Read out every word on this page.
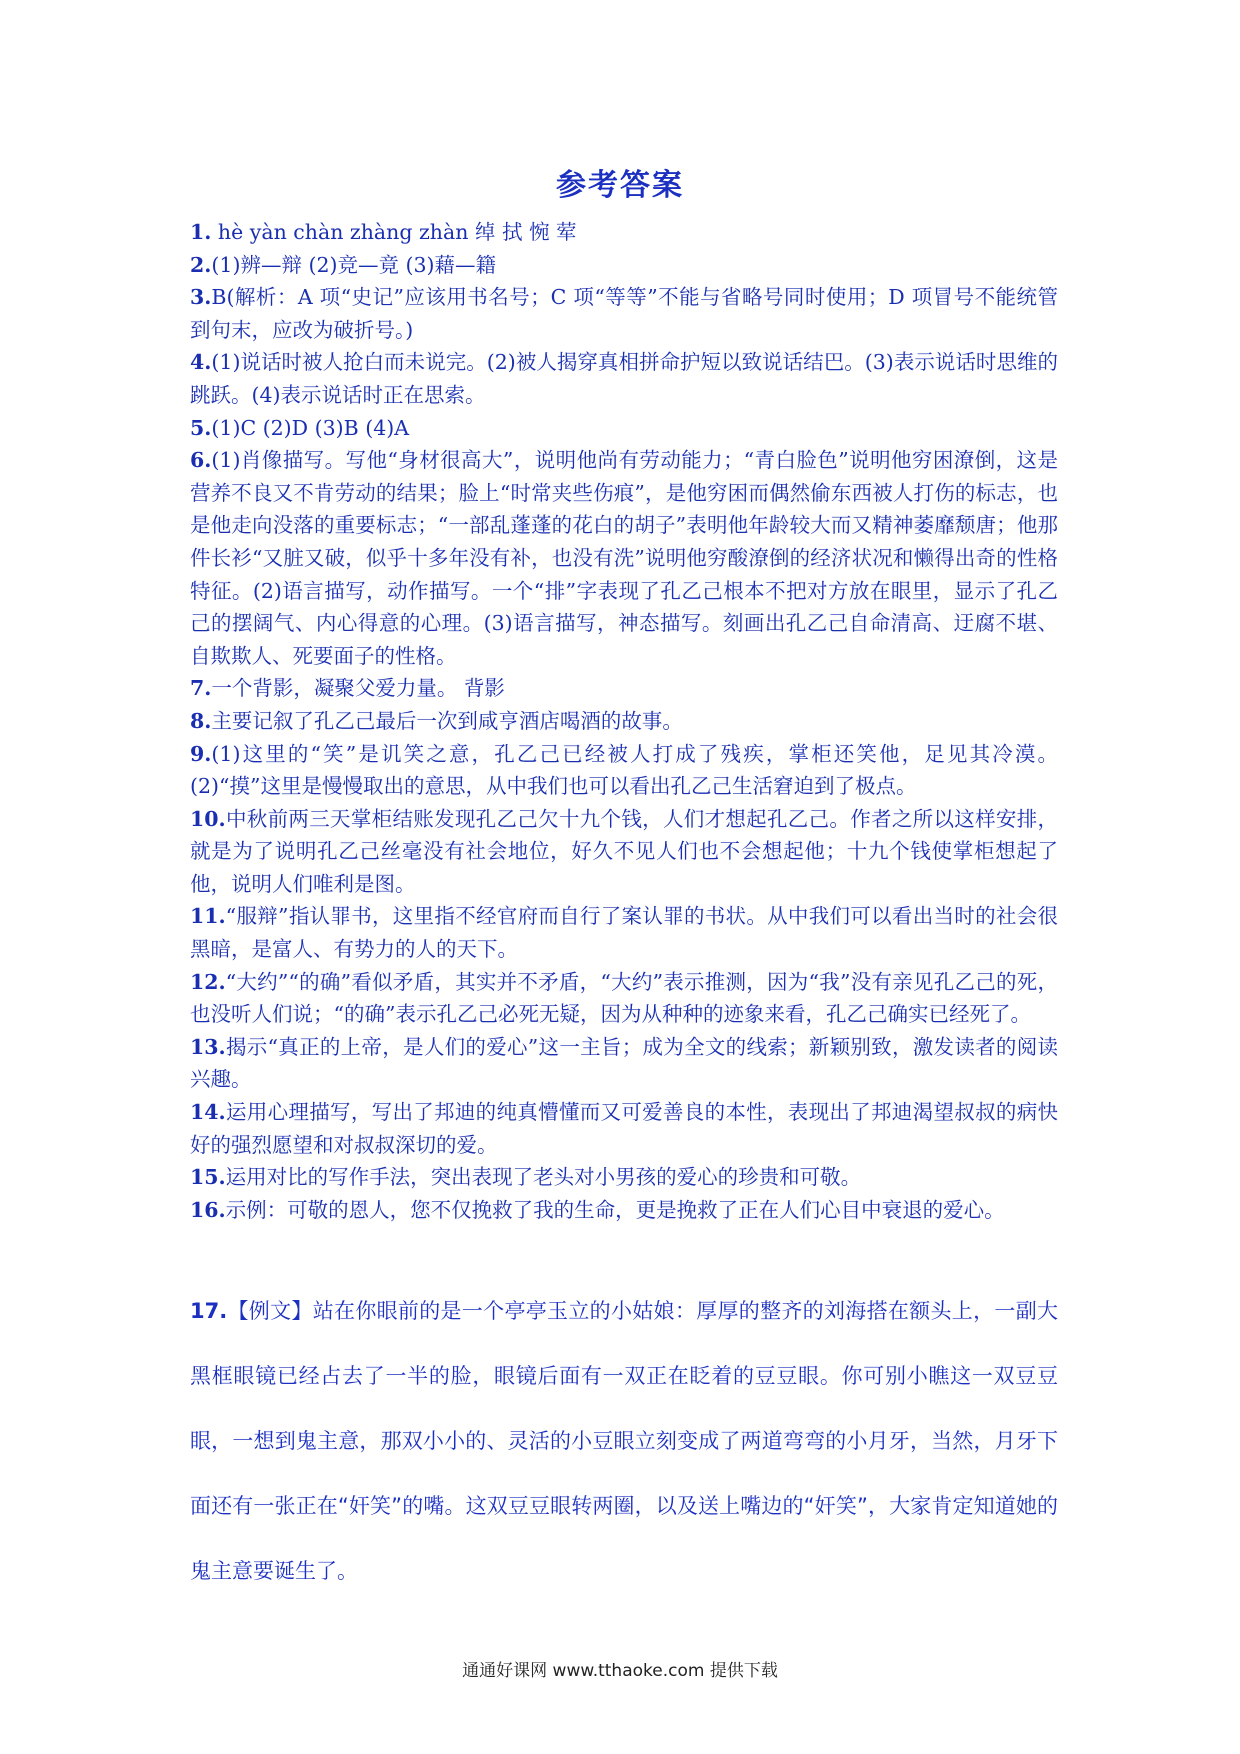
参考答案

1. hè yàn chàn zhàng zhàn 绰 拭 惋 荤

2.(1)辨—辩 (2)竞—竟 (3)藉—籍

3.B(解析：A 项“史记”应该用书名号；C 项“等等”不能与省略号同时使用；D 项冒号不能统管到句末，应改为破折号。)

4.(1)说话时被人抢白而未说完。(2)被人揭穿真相拼命护短以致说话结巴。(3)表示说话时思维的跳跃。(4)表示说话时正在思索。

5.(1)C (2)D (3)B (4)A

6.(1)肖像描写。写他“身材很高大”，说明他尚有劳动能力；“青白脸色”说明他穷困潦倒，这是营养不良又不肯劳动的结果；脸上“时常夹些伤痕”，是他穷困而偶然偷东西被人打伤的标志，也是他走向没落的重要标志；“一部乱蓬蓬的花白的胡子”表明他年龄较大而又精神萎靡颓唐；他那件长衫“又脏又破，似乎十多年没有补，也没有洗”说明他穷酸潦倒的经济状况和懒得出奇的性格特征。(2)语言描写，动作描写。一个“排”字表现了孔乙己根本不把对方放在眼里，显示了孔乙己的摆阔气、内心得意的心理。(3)语言描写，神态描写。刻画出孔乙己自命清高、迂腐不堪、自欺欺人、死要面子的性格。

7.一个背影，凝聚父爱力量。 背影

8.主要记叙了孔乙己最后一次到咸亨酒店喝酒的故事。

9.(1)这里的“笑”是讥笑之意，孔乙己已经被人打成了残疾，掌柜还笑他，足见其冷漠。(2)“摸”这里是慢慢取出的意思，从中我们也可以看出孔乙己生活窘迫到了极点。

10.中秋前两三天掌柜结账发现孔乙己欠十九个钱，人们才想起孔乙己。作者之所以这样安排，就是为了说明孔乙己丝毫没有社会地位，好久不见人们也不会想起他；十九个钱使掌柜想起了他，说明人们唯利是图。

11.“服辩”指认罪书，这里指不经官府而自行了案认罪的书状。从中我们可以看出当时的社会很黑暗，是富人、有势力的人的天下。

12.“大约”“的确”看似矛盾，其实并不矛盾，“大约”表示推测，因为“我”没有亲见孔乙己的死，也没听人们说；“的确”表示孔乙己必死无疑，因为从种种的迹象来看，孔乙己确实已经死了。

13.揭示“真正的上帝，是人们的爱心”这一主旨；成为全文的线索；新颖别致，激发读者的阅读兴趣。

14.运用心理描写，写出了邦迪的纯真懵懂而又可爱善良的本性，表现出了邦迪渴望叔叔的病快好的强烈愿望和对叔叔深切的爱。

15.运用对比的写作手法，突出表现了老头对小男孩的爱心的珍贵和可敬。

16.示例：可敬的恩人，您不仅挽救了我的生命，更是挽救了正在人们心目中衰退的爱心。

17.【例文】站在你眼前的是一个亭亭玉立的小姑娘：厚厚的整齐的刘海搭在额头上，一副大黑框眼镜已经占去了一半的脸，眼镜后面有一双正在眨着的豆豆眼。你可别小瞧这一双豆豆眼，一想到鬼主意，那双小小的、灵活的小豆眼立刻变成了两道弯弯的小月牙，当然，月牙下面还有一张正在“奸笑”的嘴。这双豆豆眼转两圈，以及送上嘴边的“奸笑”，大家肯定知道她的鬼主意要诞生了。
通通好课网 www.tthaoke.com 提供下载
